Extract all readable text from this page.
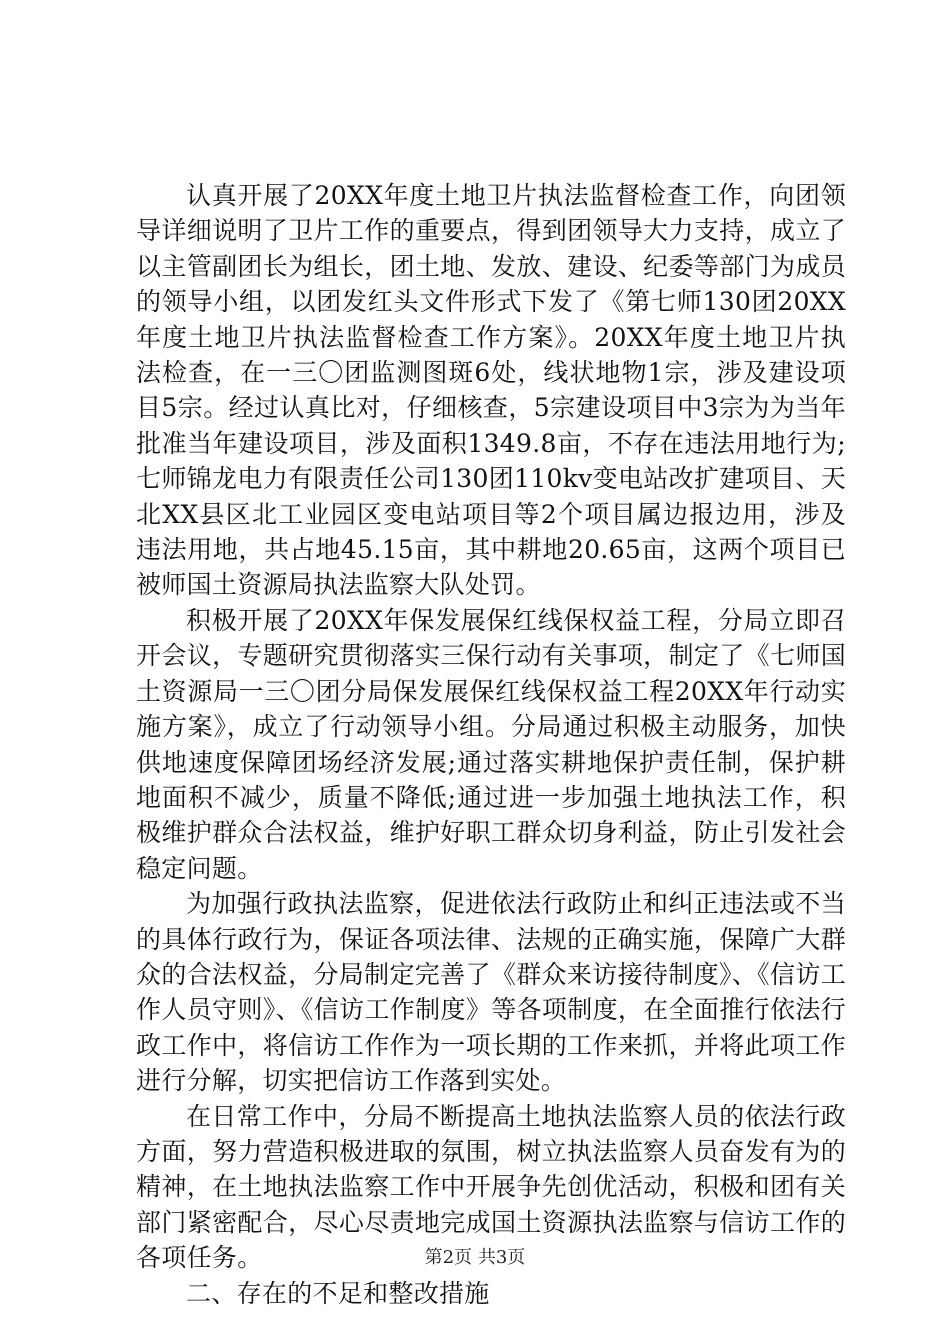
认真开展了20XX年度土地卫片执法监督检查工作，向团领导详细说明了卫片工作的重要点，得到团领导大力支持，成立了以主管副团长为组长，团土地、发放、建设、纪委等部门为成员的领导小组，以团发红头文件形式下发了《第七师130团20XX年度土地卫片执法监督检查工作方案》。20XX年度土地卫片执法检查，在一三〇团监测图斑6处，线状地物1宗，涉及建设项目5宗。经过认真比对，仔细核查，5宗建设项目中3宗为为当年批准当年建设项目，涉及面积1349.8亩，不存在违法用地行为;七师锦龙电力有限责任公司130团110kv变电站改扩建项目、天北XX县区北工业园区变电站项目等2个项目属边报边用，涉及违法用地，共占地45.15亩，其中耕地20.65亩，这两个项目已被师国土资源局执法监察大队处罚。

积极开展了20XX年保发展保红线保权益工程，分局立即召开会议，专题研究贯彻落实三保行动有关事项，制定了《七师国土资源局一三〇团分局保发展保红线保权益工程20XX年行动实施方案》，成立了行动领导小组。分局通过积极主动服务，加快供地速度保障团场经济发展;通过落实耕地保护责任制，保护耕地面积不减少，质量不降低;通过进一步加强土地执法工作，积极维护群众合法权益，维护好职工群众切身利益，防止引发社会稳定问题。

为加强行政执法监察，促进依法行政防止和纠正违法或不当的具体行政行为，保证各项法律、法规的正确实施，保障广大群众的合法权益，分局制定完善了《群众来访接待制度》、《信访工作人员守则》、《信访工作制度》等各项制度，在全面推行依法行政工作中，将信访工作作为一项长期的工作来抓，并将此项工作进行分解，切实把信访工作落到实处。

在日常工作中，分局不断提高土地执法监察人员的依法行政方面，努力营造积极进取的氛围，树立执法监察人员奋发有为的精神，在土地执法监察工作中开展争先创优活动，积极和团有关部门紧密配合，尽心尽责地完成国土资源执法监察与信访工作的各项任务。

二、存在的不足和整改措施

第2页 共3页
